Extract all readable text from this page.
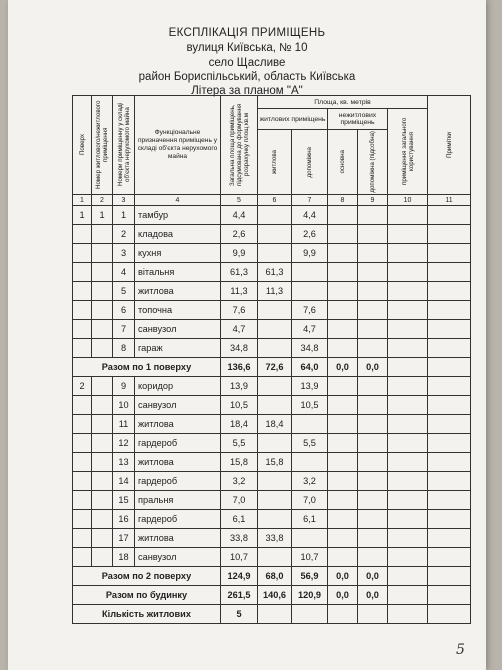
ЕКСПЛІКАЦІЯ ПРИМІЩЕНЬ
вулиця Київська, № 10
село Щасливе
район Бориспільський, область Київська
Літера за планом "А"
Поверх	Номер житлового/нежитлового приміщення	Номери приміщенну у складі об'єкта нерухомого майна	Функціональне призначення приміщень у складі об'єкта нерухомого майна	Загальна площа приміщень, підсумована до формування розрахунку площ кв.м	Площа, кв. метрів					Примітки

					житлових приміщень		нежитлових приміщень		приміщення загального користування	

					житлова	допоміжна	основна	допоміжна (підсобна)		

1	2	3	4	5	6	7	8	9	10	11
1	1	1	тамбур	4,4		4,4				
		2	кладова	2,6		2,6				
		3	кухня	9,9		9,9				
		4	вітальня	61,3	61,3					
		5	житлова	11,3	11,3					
		6	топочна	7,6		7,6				
		7	санвузол	4,7		4,7				
		8	гараж	34,8		34,8				
Разом по 1 поверху				136,6	72,6	64,0	0,0	0,0		
2		9	коридор	13,9		13,9				
		10	санвузол	10,5		10,5				
		11	житлова	18,4	18,4					
		12	гардероб	5,5		5,5				
		13	житлова	15,8	15,8					
		14	гардероб	3,2		3,2				
		15	пральня	7,0		7,0				
		16	гардероб	6,1		6,1				
		17	житлова	33,8	33,8					
		18	санвузол	10,7		10,7				
Разом по 2 поверху				124,9	68,0	56,9	0,0	0,0		
Разом по будинку				261,5	140,6	120,9	0,0	0,0		
Кількість житлових				5						
5
